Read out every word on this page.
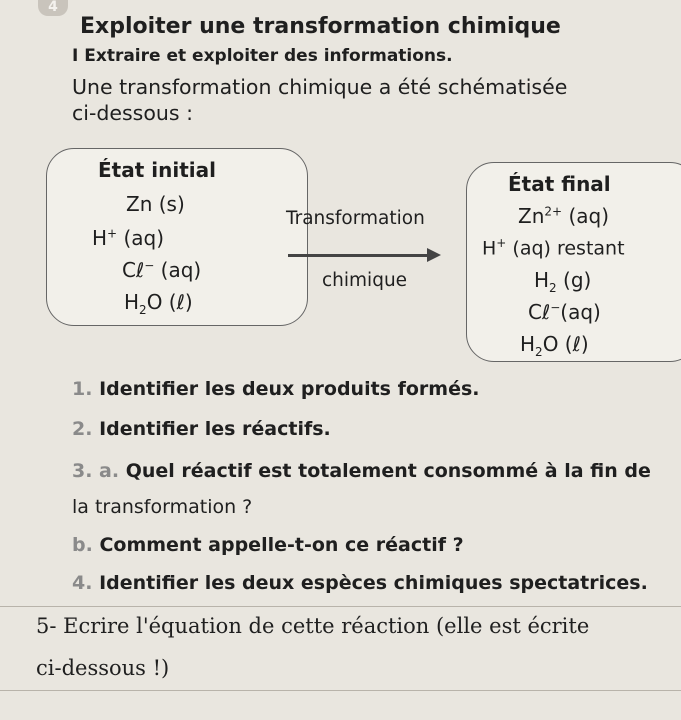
4
Exploiter une transformation chimique
I Extraire et exploiter des informations.
Une transformation chimique a été schématisée
ci-dessous :
État initial
Zn (s)
H+ (aq)
Cℓ− (aq)
$H_2O$ (ℓ)
Transformation
chimique
État final
$Zn^{2+}$ (aq)
H+ (aq) restant
$H_2$ (g)
Cℓ−(aq)
$H_2O$ (ℓ)
1. Identifier les deux produits formés.
2. Identifier les réactifs.
3. a. Quel réactif est totalement consommé à la fin de
la transformation ?
b. Comment appelle-t-on ce réactif ?
4. Identifier les deux espèces chimiques spectatrices.
5- Ecrire l'équation de cette réaction (elle est écrite
ci-dessous !)
